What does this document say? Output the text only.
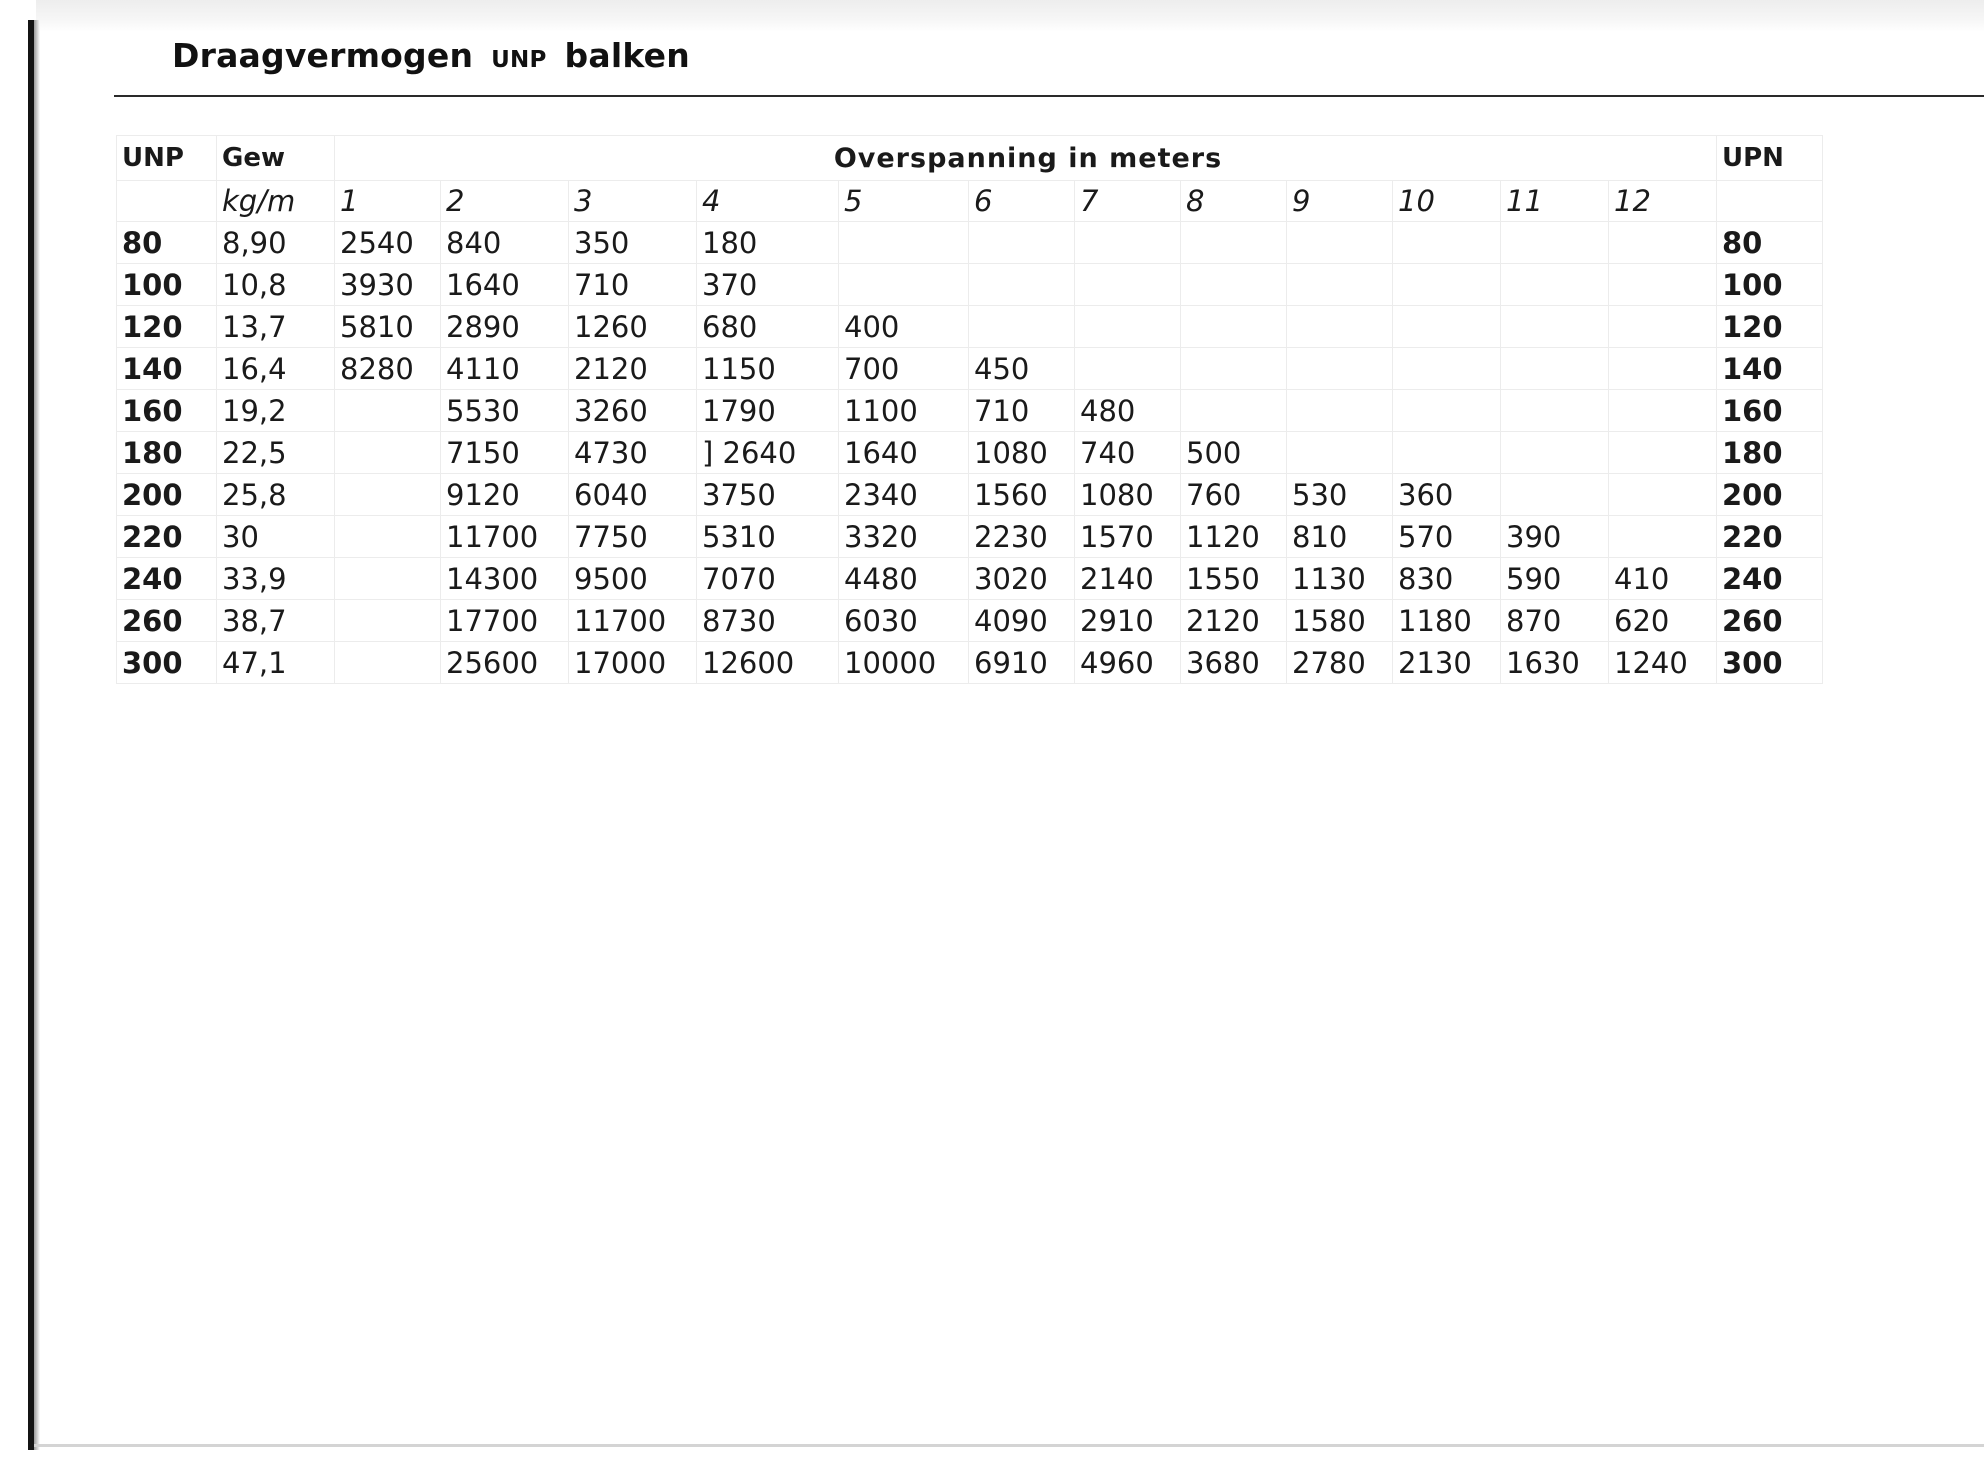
Draagvermogen UNP balken
UNP	Gew	Overspanning in meters												UPN
	kg/m	1	2	3	4	5	6	7	8	9	10	11	12	
80	8,90	2540	840	350	180									80
100	10,8	3930	1640	710	370									100
120	13,7	5810	2890	1260	680	400								120
140	16,4	8280	4110	2120	1150	700	450							140
160	19,2		5530	3260	1790	1100	710	480						160
180	22,5		7150	4730	] 2640	1640	1080	740	500					180
200	25,8		9120	6040	3750	2340	1560	1080	760	530	360			200
220	30		11700	7750	5310	3320	2230	1570	1120	810	570	390		220
240	33,9		14300	9500	7070	4480	3020	2140	1550	1130	830	590	410	240
260	38,7		17700	11700	8730	6030	4090	2910	2120	1580	1180	870	620	260
300	47,1		25600	17000	12600	10000	6910	4960	3680	2780	2130	1630	1240	300
